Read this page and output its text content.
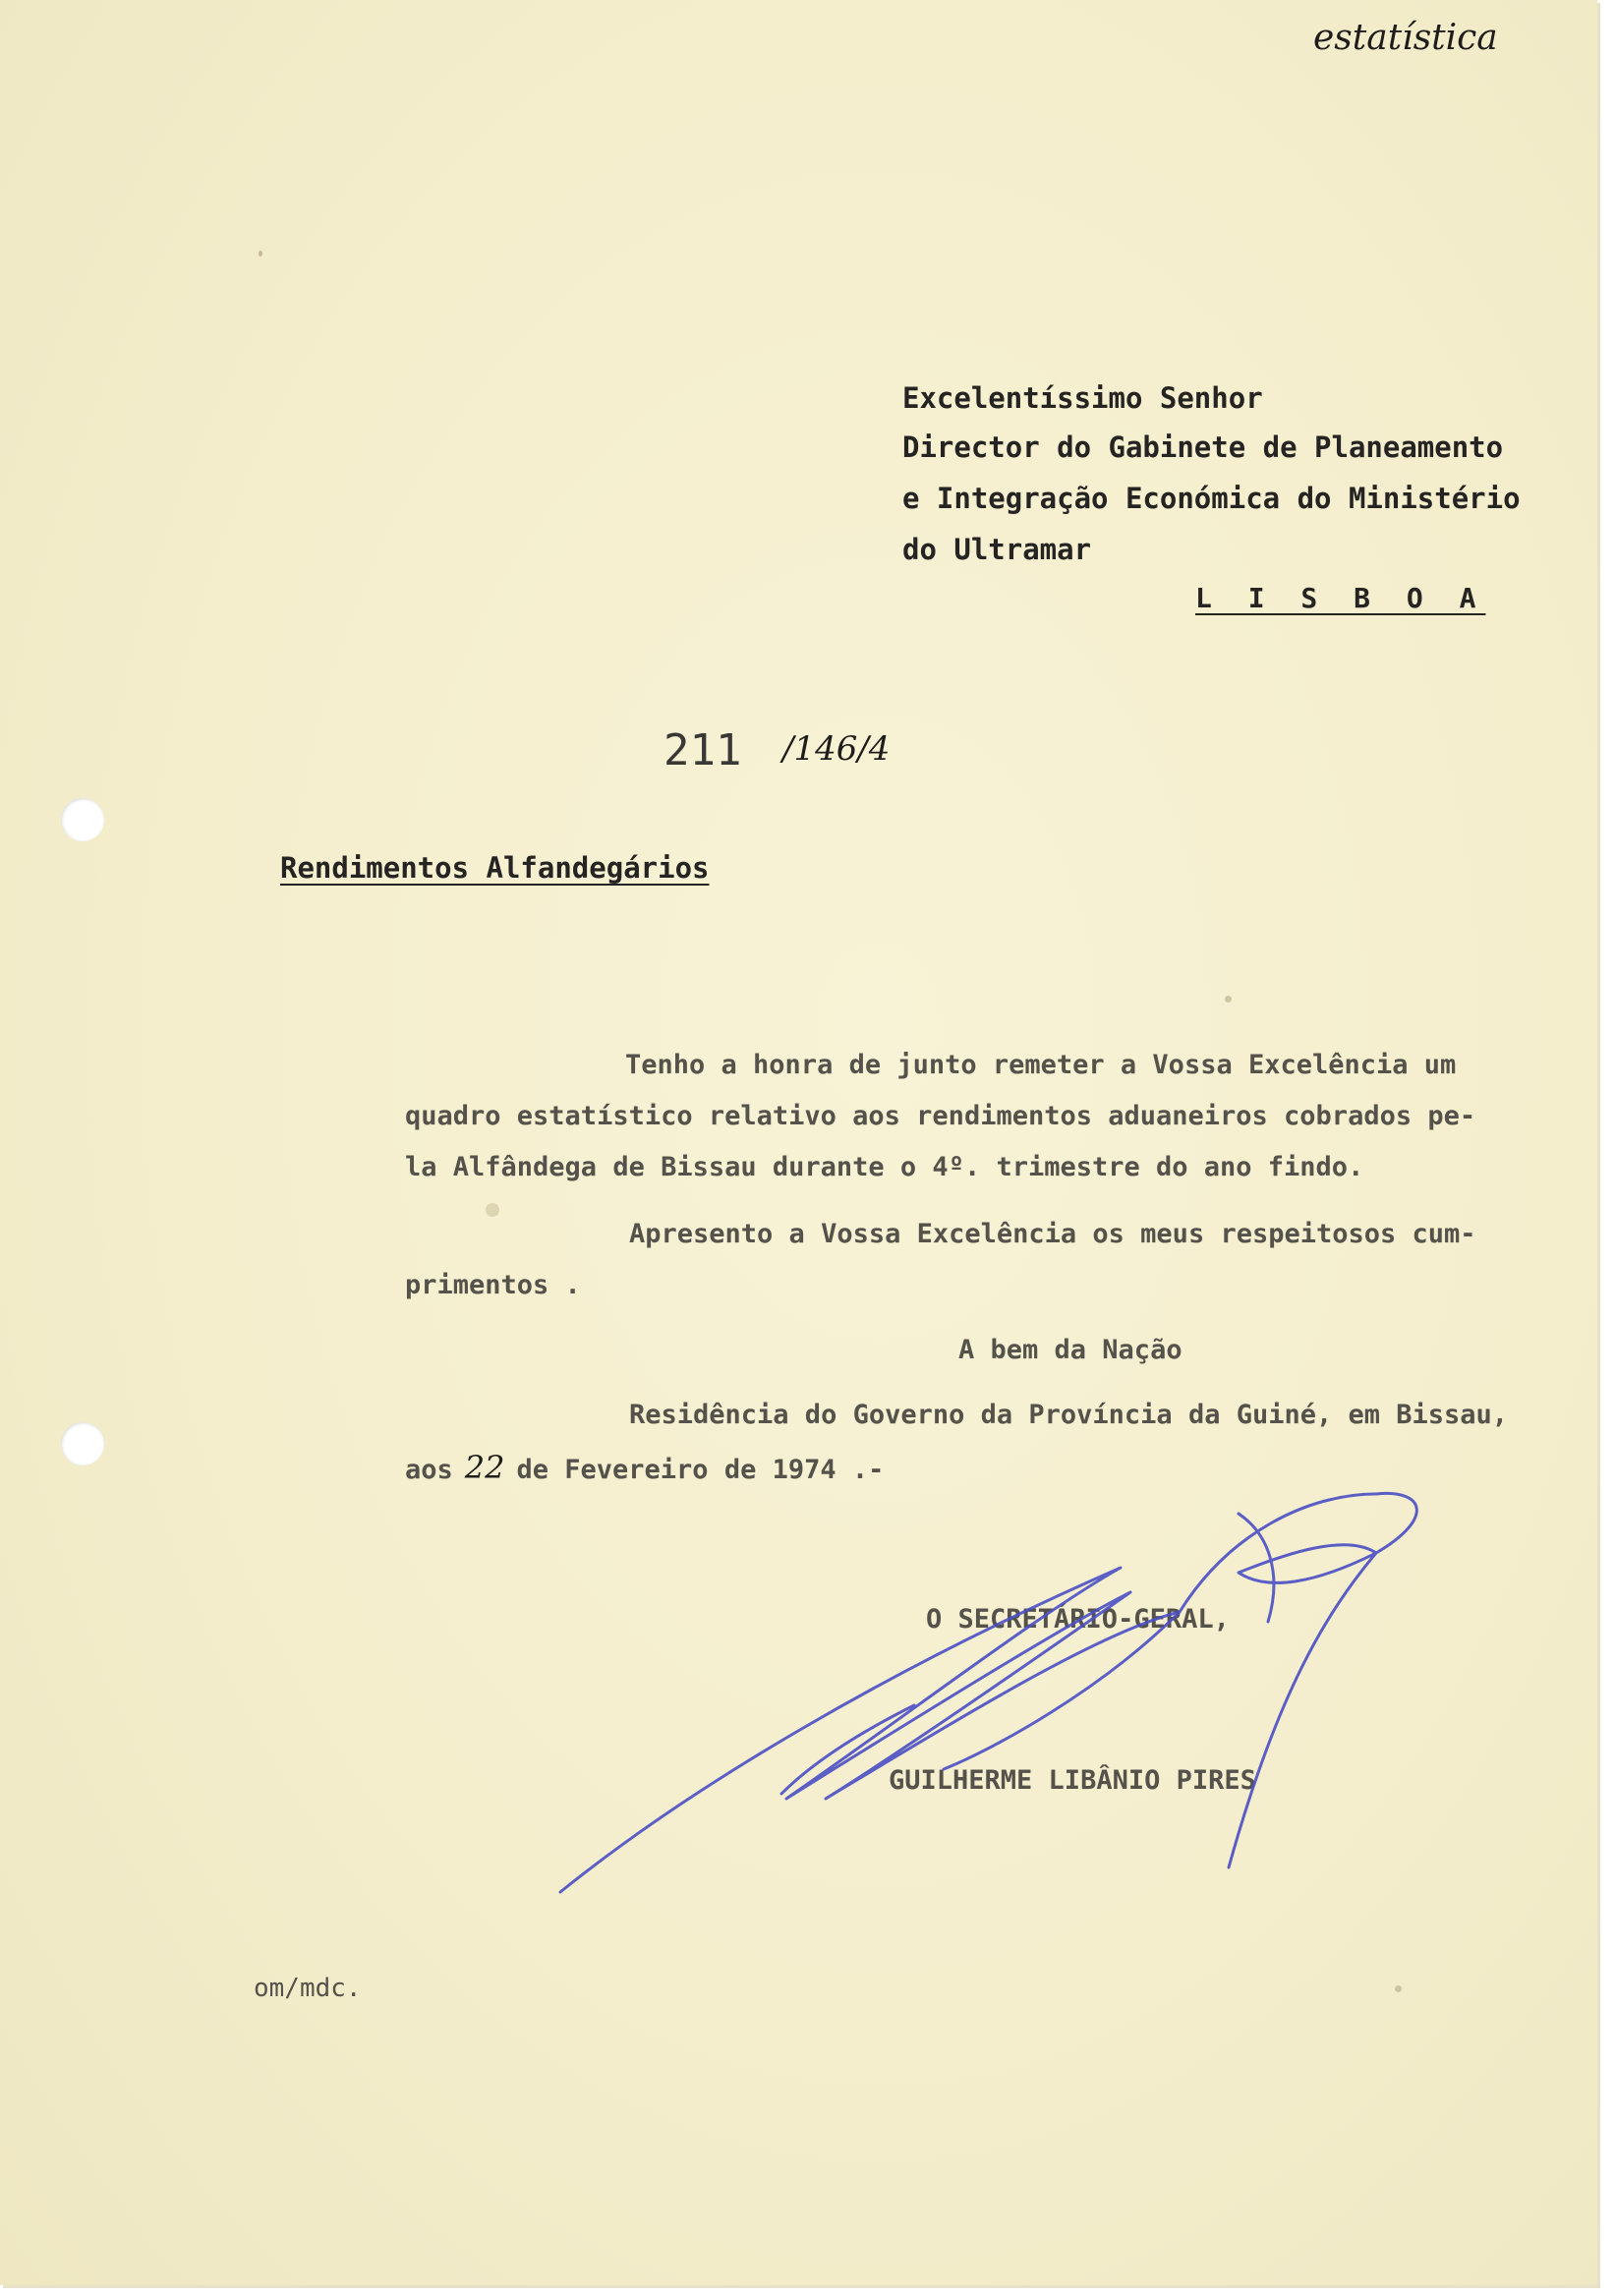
estatística

Excelentíssimo Senhor

Director do Gabinete de Planeamento

e Integração Económica do Ministério

do Ultramar

L I S B O A

211 /146/4

Rendimentos Alfandegários

Tenho a honra de junto remeter a Vossa Excelência um

quadro estatístico relativo aos rendimentos aduaneiros cobrados pe-

la Alfândega de Bissau durante o 4º. trimestre do ano findo.

Apresento a Vossa Excelência os meus respeitosos cum-

primentos .

A bem da Nação

Residência do Governo da Província da Guiné, em Bissau,

aos 22 de Fevereiro de 1974 .-

O SECRETÁRIO-GERAL,

GUILHERME LIBÂNIO PIRES

om/mdc.
